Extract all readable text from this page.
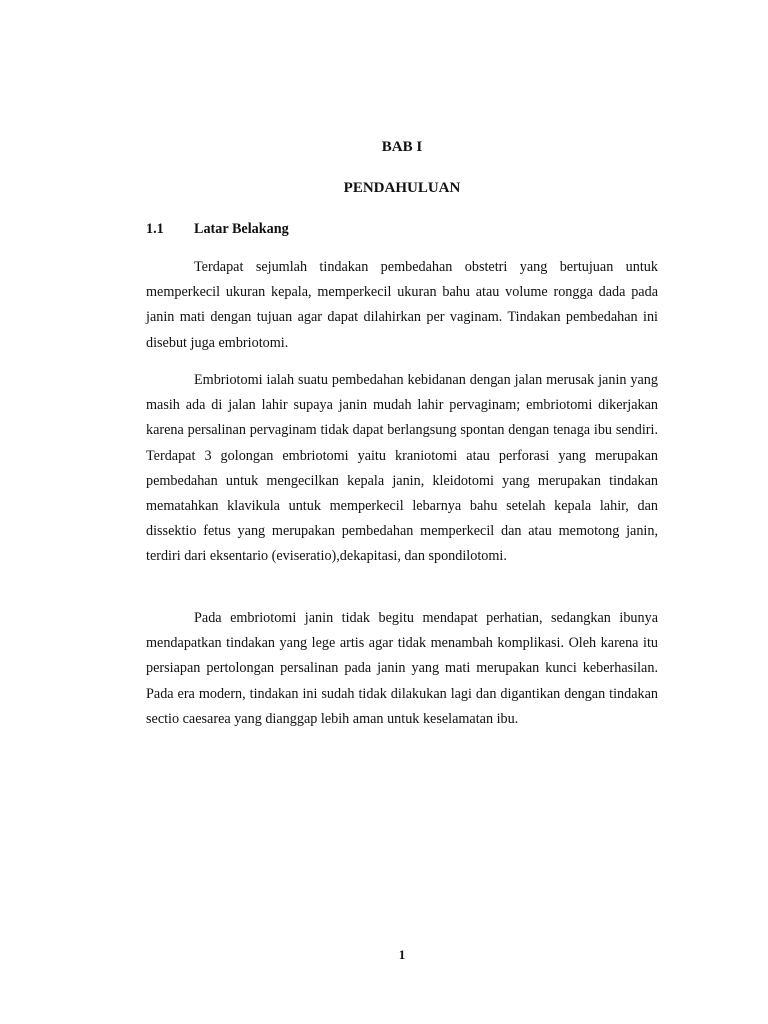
BAB I
PENDAHULUAN
1.1 Latar Belakang

Terdapat sejumlah tindakan pembedahan obstetri yang bertujuan untuk memperkecil ukuran kepala, memperkecil ukuran bahu atau volume rongga dada pada janin mati dengan tujuan agar dapat dilahirkan per vaginam. Tindakan pembedahan ini disebut juga embriotomi.

Embriotomi ialah suatu pembedahan kebidanan dengan jalan merusak janin yang masih ada di jalan lahir supaya janin mudah lahir pervaginam; embriotomi dikerjakan karena persalinan pervaginam tidak dapat berlangsung spontan dengan tenaga ibu sendiri. Terdapat 3 golongan embriotomi yaitu kraniotomi atau perforasi yang merupakan pembedahan untuk mengecilkan kepala janin, kleidotomi yang merupakan tindakan mematahkan klavikula untuk memperkecil lebarnya bahu setelah kepala lahir, dan dissektio fetus yang merupakan pembedahan memperkecil dan atau memotong janin, terdiri dari eksentario (eviseratio),dekapitasi, dan spondilotomi.

Pada embriotomi janin tidak begitu mendapat perhatian, sedangkan ibunya mendapatkan tindakan yang lege artis agar tidak menambah komplikasi. Oleh karena itu persiapan pertolongan persalinan pada janin yang mati merupakan kunci keberhasilan. Pada era modern, tindakan ini sudah tidak dilakukan lagi dan digantikan dengan tindakan sectio caesarea yang dianggap lebih aman untuk keselamatan ibu.

1
